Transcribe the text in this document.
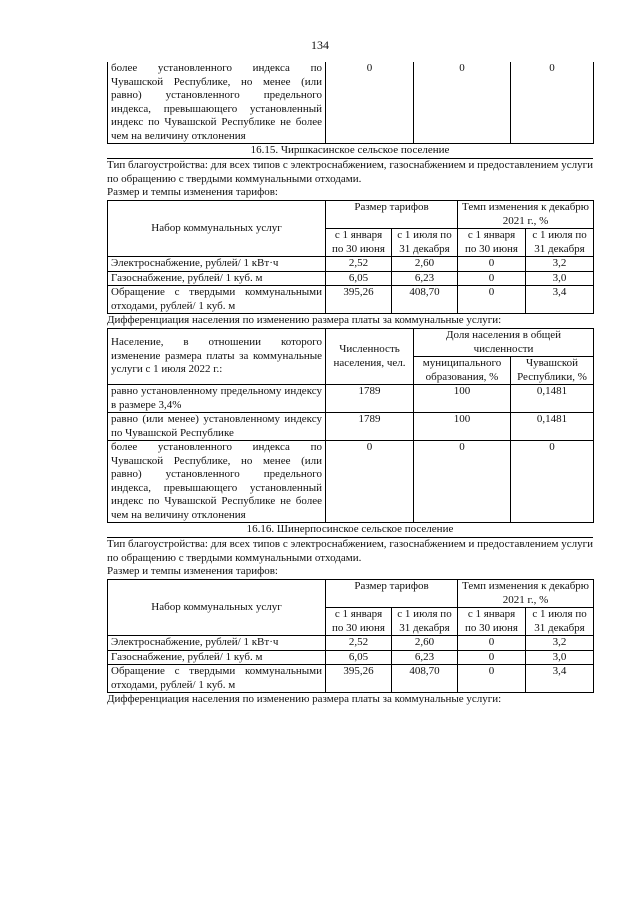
134
более установленного индекса по Чувашской Республике, но менее (или равно) установленного предельного индекса, превышающего установленный индекс по Чувашской Республике не более чем на величину отклонения	0	0	0
16.15. Чиршкасинское сельское поселение
Тип благоустройства: для всех типов с электроснабжением, газоснабжением и предоставлением услуги по обращению с твердыми коммунальными отходами.
Размер и темпы изменения тарифов:
Набор коммунальных услуг	Размер тарифов		Темп изменения к декабрю 2021 г., %	
	с 1 января по 30 июня	с 1 июля по 31 декабря	с 1 января по 30 июня	с 1 июля по 31 декабря
Электроснабжение, рублей/ 1 кВт·ч	2,52	2,60	0	3,2
Газоснабжение, рублей/ 1 куб. м	6,05	6,23	0	3,0
Обращение с твердыми коммунальными отходами, рублей/ 1 куб. м	395,26	408,70	0	3,4
Дифференциация населения по изменению размера платы за коммунальные услуги:
Население, в отношении которого изменение размера платы за коммунальные услуги с 1 июля 2022 г.:	Численность населения, чел.	Доля населения в общей численности	
		муниципального образования, %	Чувашской Республики, %
равно установленному предельному индексу в размере 3,4%	1789	100	0,1481
равно (или менее) установленному индексу по Чувашской Республике	1789	100	0,1481
более установленного индекса по Чувашской Республике, но менее (или равно) установленного предельного индекса, превышающего установленный индекс по Чувашской Республике не более чем на величину отклонения	0	0	0
16.16. Шинерпосинское сельское поселение
Тип благоустройства: для всех типов с электроснабжением, газоснабжением и предоставлением услуги по обращению с твердыми коммунальными отходами.
Размер и темпы изменения тарифов:
Набор коммунальных услуг	Размер тарифов		Темп изменения к декабрю 2021 г., %	
	с 1 января по 30 июня	с 1 июля по 31 декабря	с 1 января по 30 июня	с 1 июля по 31 декабря
Электроснабжение, рублей/ 1 кВт·ч	2,52	2,60	0	3,2
Газоснабжение, рублей/ 1 куб. м	6,05	6,23	0	3,0
Обращение с твердыми коммунальными отходами, рублей/ 1 куб. м	395,26	408,70	0	3,4
Дифференциация населения по изменению размера платы за коммунальные услуги:
